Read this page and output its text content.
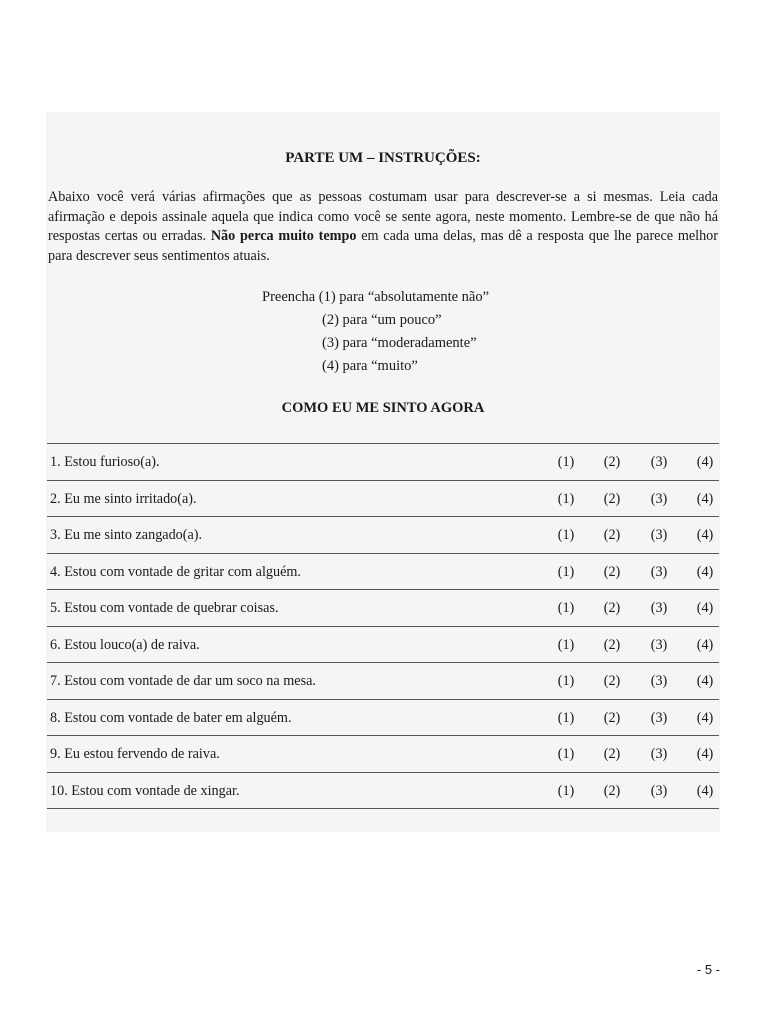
PARTE UM – INSTRUÇÕES:
Abaixo você verá várias afirmações que as pessoas costumam usar para descrever-se a si mesmas. Leia cada afirmação e depois assinale aquela que indica como você se sente agora, neste momento. Lembre-se de que não há respostas certas ou erradas. Não perca muito tempo em cada uma delas, mas dê a resposta que lhe parece melhor para descrever seus sentimentos atuais.
Preencha (1) para “absolutamente não”
(2) para “um pouco”
(3) para “moderadamente”
(4) para “muito”
COMO EU ME SINTO AGORA
1. Estou furioso(a).	(1)	(2)	(3)	(4)
2. Eu me sinto irritado(a).	(1)	(2)	(3)	(4)
3. Eu me sinto zangado(a).	(1)	(2)	(3)	(4)
4. Estou com vontade de gritar com alguém.	(1)	(2)	(3)	(4)
5. Estou com vontade de quebrar coisas.	(1)	(2)	(3)	(4)
6. Estou louco(a) de raiva.	(1)	(2)	(3)	(4)
7. Estou com vontade de dar um soco na mesa.	(1)	(2)	(3)	(4)
8. Estou com vontade de bater em alguém.	(1)	(2)	(3)	(4)
9. Eu estou fervendo de raiva.	(1)	(2)	(3)	(4)
10. Estou com vontade de xingar.	(1)	(2)	(3)	(4)
- 5 -
